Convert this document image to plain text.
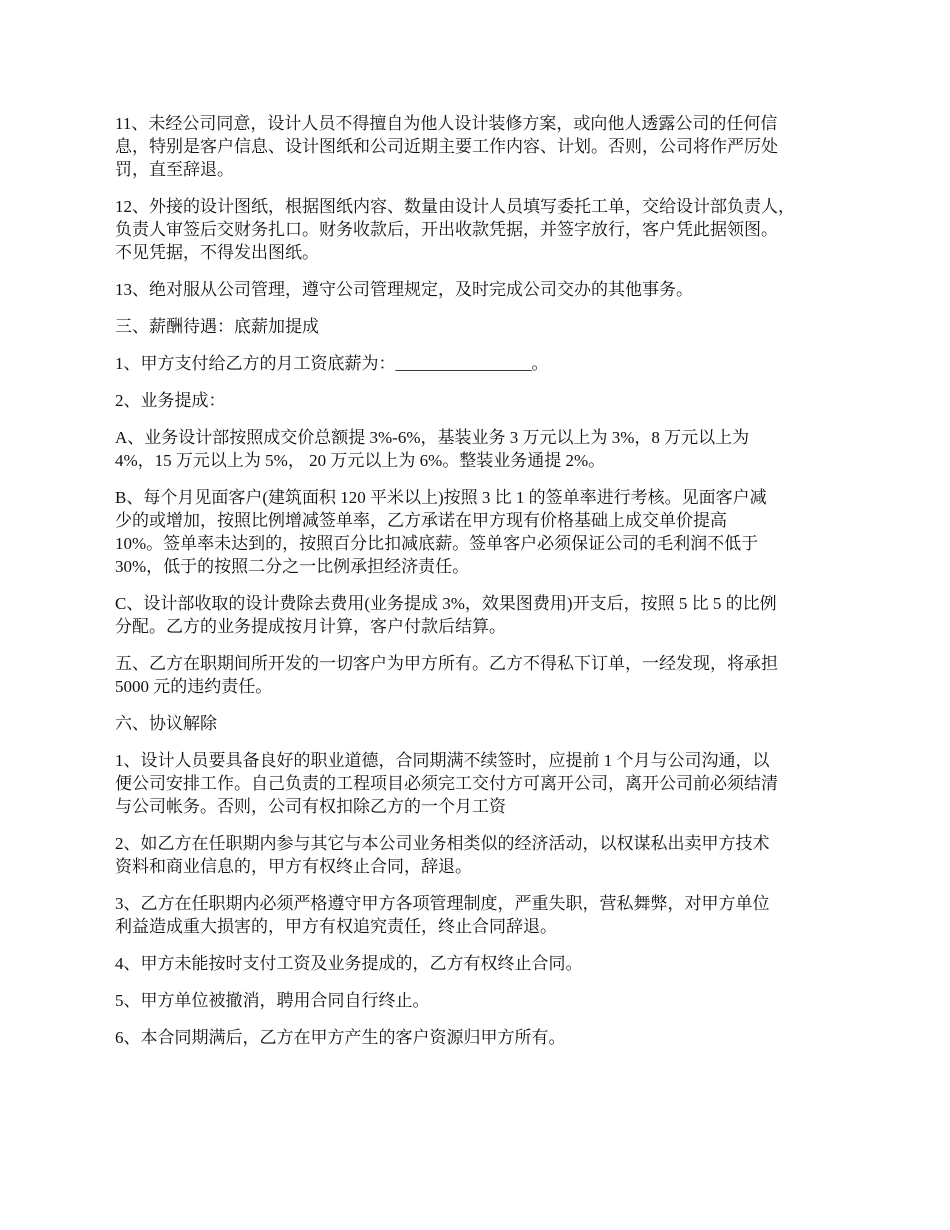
11、未经公司同意，设计人员不得擅自为他人设计装修方案，或向他人透露公司的任何信
息，特别是客户信息、设计图纸和公司近期主要工作内容、计划。否则，公司将作严厉处
罚，直至辞退。

12、外接的设计图纸，根据图纸内容、数量由设计人员填写委托工单，交给设计部负责人，
负责人审签后交财务扎口。财务收款后，开出收款凭据，并签字放行，客户凭此据领图。
不见凭据，不得发出图纸。

13、绝对服从公司管理，遵守公司管理规定，及时完成公司交办的其他事务。

三、薪酬待遇：底薪加提成

1、甲方支付给乙方的月工资底薪为：________________。

2、业务提成：

A、业务设计部按照成交价总额提 3%-6%，基装业务 3 万元以上为 3%，8 万元以上为
4%，15 万元以上为 5%， 20 万元以上为 6%。整装业务通提 2%。

B、每个月见面客户(建筑面积 120 平米以上)按照 3 比 1 的签单率进行考核。见面客户减
少的或增加，按照比例增减签单率，乙方承诺在甲方现有价格基础上成交单价提高
10%。签单率未达到的，按照百分比扣减底薪。签单客户必须保证公司的毛利润不低于
30%，低于的按照二分之一比例承担经济责任。

C、设计部收取的设计费除去费用(业务提成 3%，效果图费用)开支后，按照 5 比 5 的比例
分配。乙方的业务提成按月计算，客户付款后结算。

五、乙方在职期间所开发的一切客户为甲方所有。乙方不得私下订单，一经发现，将承担
5000 元的违约责任。

六、协议解除

1、设计人员要具备良好的职业道德，合同期满不续签时，应提前 1 个月与公司沟通，以
便公司安排工作。自己负责的工程项目必须完工交付方可离开公司，离开公司前必须结清
与公司帐务。否则，公司有权扣除乙方的一个月工资

2、如乙方在任职期内参与其它与本公司业务相类似的经济活动，以权谋私出卖甲方技术
资料和商业信息的，甲方有权终止合同，辞退。

3、乙方在任职期内必须严格遵守甲方各项管理制度，严重失职，营私舞弊，对甲方单位
利益造成重大损害的，甲方有权追究责任，终止合同辞退。

4、甲方未能按时支付工资及业务提成的，乙方有权终止合同。

5、甲方单位被撤消，聘用合同自行终止。

6、本合同期满后，乙方在甲方产生的客户资源归甲方所有。
